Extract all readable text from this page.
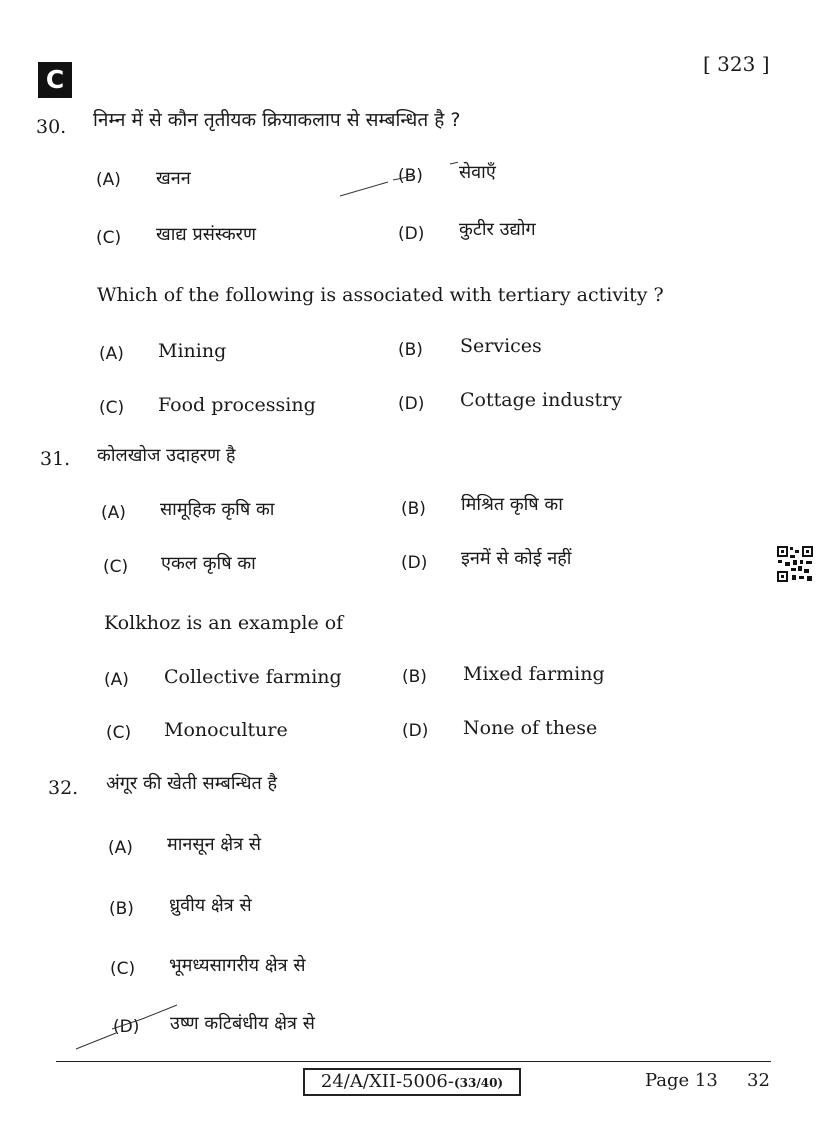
C
[ 323 ]
30. निम्न में से कौन तृतीयक क्रियाकलाप से सम्बन्धित है ?
(A) खनन	(B) सेवाएँ
(C) खाद्य प्रसंस्करण	(D) कुटीर उद्योग
Which of the following is associated with tertiary activity ?
(A) Mining	(B) Services
(C) Food processing	(D) Cottage industry
31. कोलखोज उदाहरण है
(A) सामूहिक कृषि का	(B) मिश्रित कृषि का
(C) एकल कृषि का	(D) इनमें से कोई नहीं
Kolkhoz is an example of
(A) Collective farming	(B) Mixed farming
(C) Monoculture	(D) None of these
32. अंगूर की खेती सम्बन्धित है
(A) मानसून क्षेत्र से
(B) ध्रुवीय क्षेत्र से
(C) भूमध्यसागरीय क्षेत्र से
(D) उष्ण कटिबंधीय क्षेत्र से
24/A/XII-5006-(33/40)	Page 13 32
